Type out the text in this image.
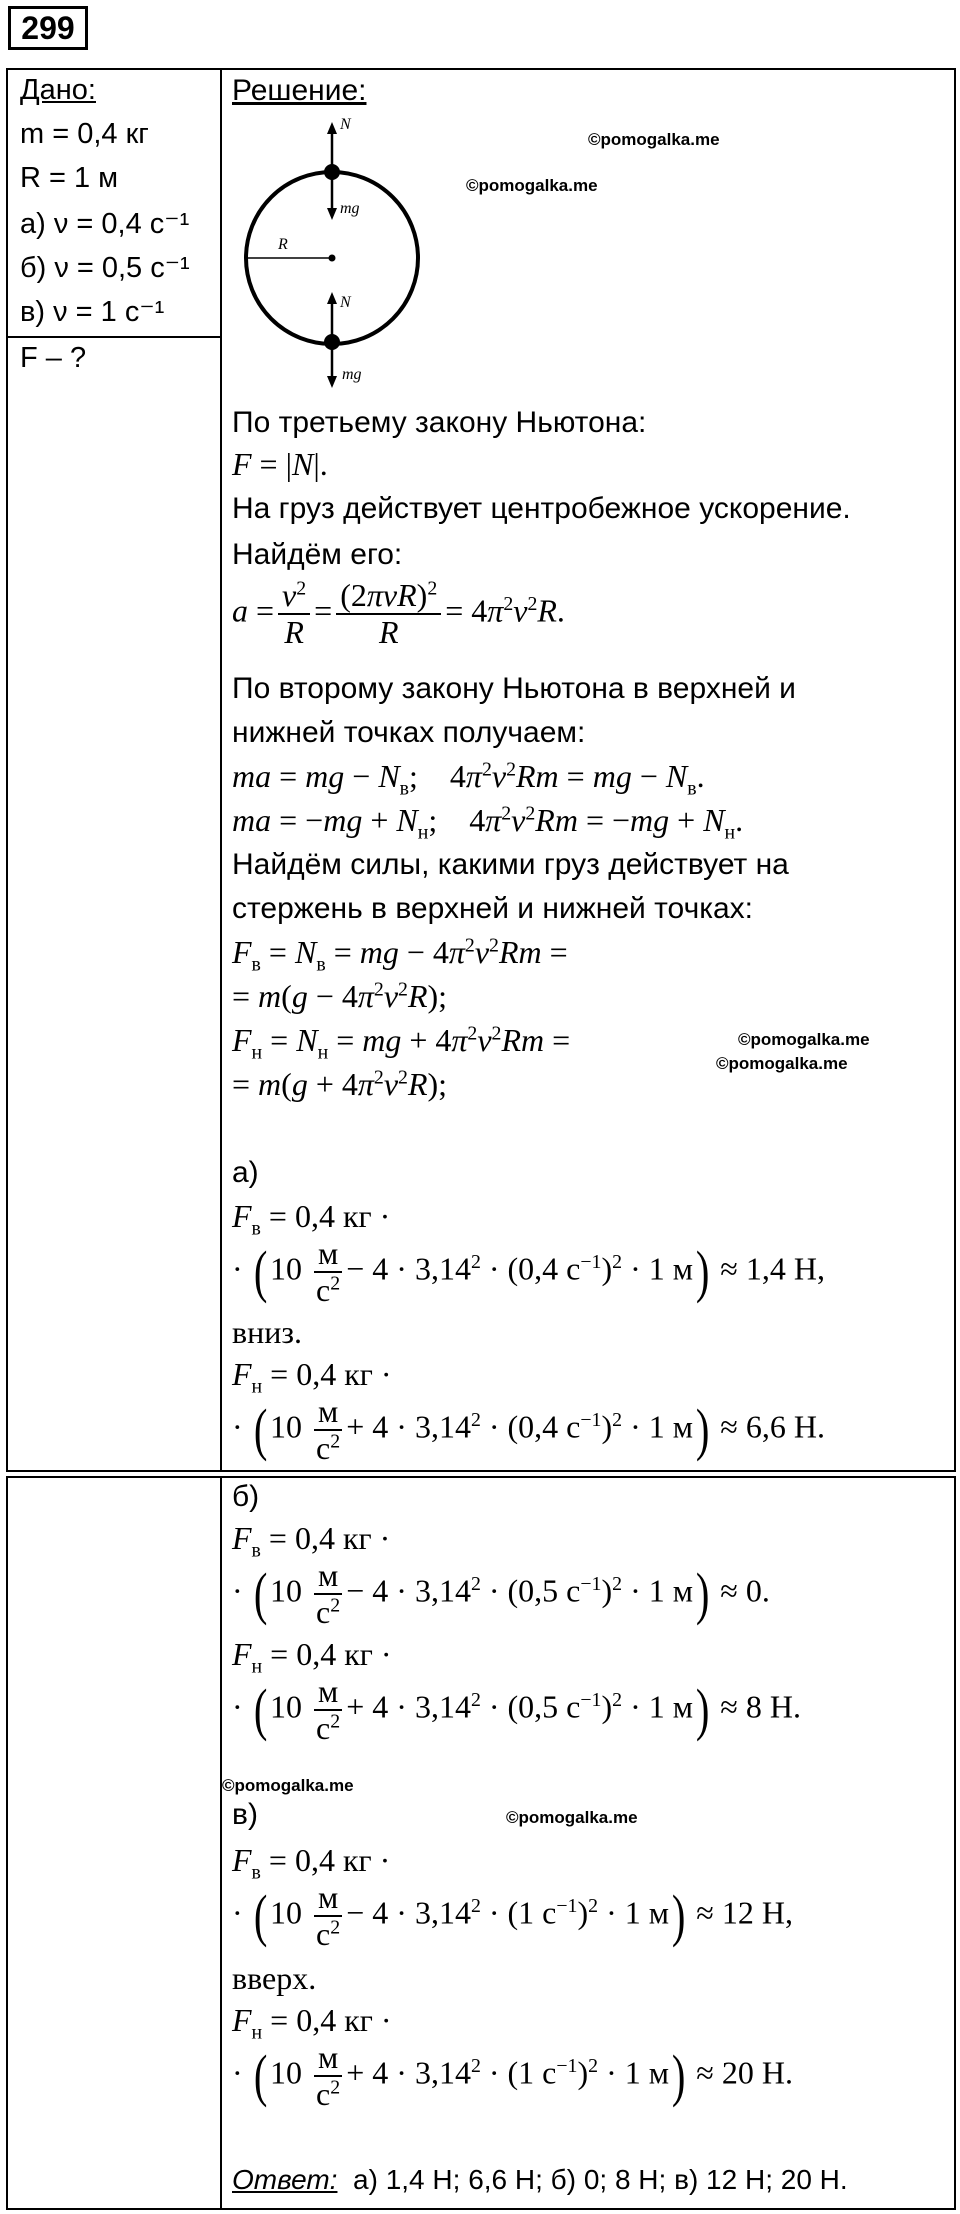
299
Дано:
m = 0,4 кг
R = 1 м
а) ν = 0,4 с⁻¹
б) ν = 0,5 с⁻¹
в) ν = 1 с⁻¹
F – ?
Решение:
N
mg
R
N
mg
©pomogalka.me
©pomogalka.me
©pomogalka.me
©pomogalka.me
©pomogalka.me
©pomogalka.me
По третьему закону Ньютона:
F = |N|.
На груз действует центробежное ускорение.
Найдём его:
$a = \frac{v^2}{R} = \frac{(2\pi\nu R)^2}{R} = 4\pi^2\nu^2R$.
По второму закону Ньютона в верхней и
нижней точках получаем:
ma = mg − $N_в$;    $4\pi^2\nu^2Rm$ = mg − $N_в$.
ma = $-mg + N_н$;    $4\pi^2\nu^2Rm = -mg + N_н$.
Найдём силы, какими груз действует на
стержень в верхней и нижней точках:
$F_в = N_в$ = mg − $4\pi^2\nu^2Rm$ =
= $m(g - 4\pi^2\nu^2R)$;
$F_н = N_н$ = mg + $4\pi^2\nu^2Rm$ =
= $m(g + 4\pi^2\nu^2R)$;
а)
$F_в = 0,4$ кг ·
· ($10 \frac{м}{с^2} - 4 \cdot 3,14^2 \cdot (0,4$ $с^{-1})^2 \cdot 1$ м) ≈ 1,4 Н,
вниз.
$F_н = 0,4$ кг ·
· ($10 \frac{м}{с^2} + 4 \cdot 3,14^2 \cdot (0,4$ $с^{-1})^2 \cdot 1$ м) ≈ 6,6 Н.
б)
$F_в = 0,4$ кг ·
· ($10 \frac{м}{с^2} - 4 \cdot 3,14^2 \cdot (0,5$ $с^{-1})^2 \cdot 1$ м) ≈ 0.
$F_н = 0,4$ кг ·
· ($10 \frac{м}{с^2} + 4 \cdot 3,14^2 \cdot (0,5$ $с^{-1})^2 \cdot 1$ м) ≈ 8 Н.
в)
$F_в = 0,4$ кг ·
· ($10 \frac{м}{с^2} - 4 \cdot 3,14^2 \cdot (1$ $с^{-1})^2 \cdot 1$ м) ≈ 12 Н,
вверх.
$F_н = 0,4$ кг ·
· ($10 \frac{м}{с^2} + 4 \cdot 3,14^2 \cdot (1$ $с^{-1})^2 \cdot 1$ м) ≈ 20 Н.
Ответ: а) 1,4 Н; 6,6 Н; б) 0; 8 Н; в) 12 Н; 20 Н.
